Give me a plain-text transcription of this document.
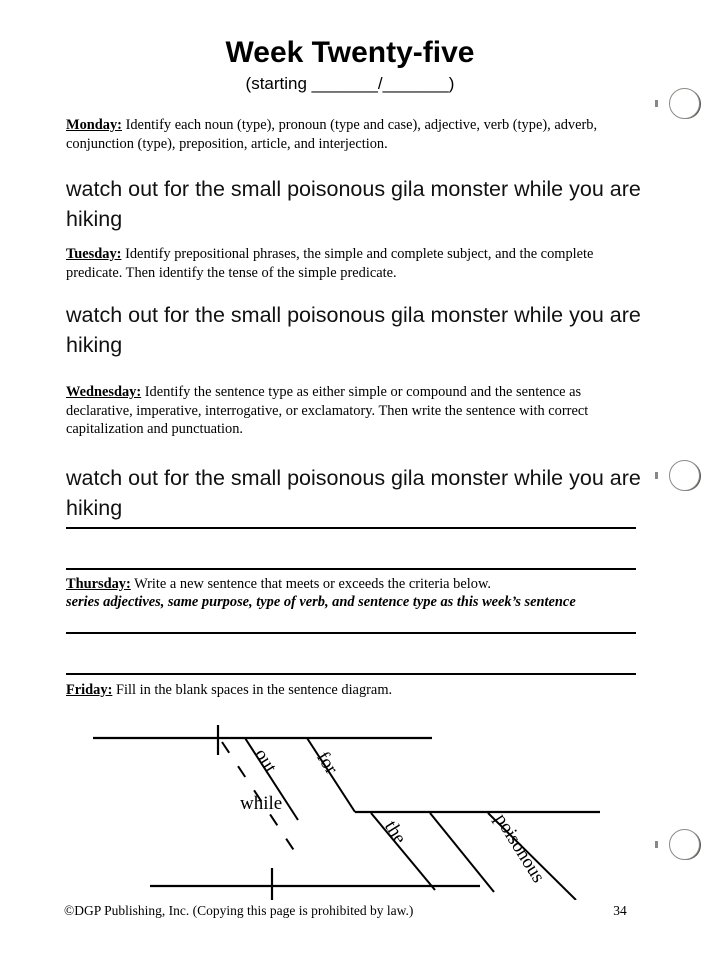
Week Twenty-five
(starting _______/_______)
Monday: Identify each noun (type), pronoun (type and case), adjective, verb (type), adverb, conjunction (type), preposition, article, and interjection.
watch out for the small poisonous gila monster while you are hiking
Tuesday: Identify prepositional phrases, the simple and complete subject, and the complete predicate. Then identify the tense of the simple predicate.
watch out for the small poisonous gila monster while you are hiking
Wednesday: Identify the sentence type as either simple or compound and the sentence as declarative, imperative, interrogative, or exclamatory. Then write the sentence with correct capitalization and punctuation.
watch out for the small poisonous gila monster while you are hiking
Thursday: Write a new sentence that meets or exceeds the criteria below.
series adjectives, same purpose, type of verb, and sentence type as this week’s sentence
Friday: Fill in the blank spaces in the sentence diagram.
out for
while
the	poisonous
©DGP Publishing, Inc. (Copying this page is prohibited by law.)	34
